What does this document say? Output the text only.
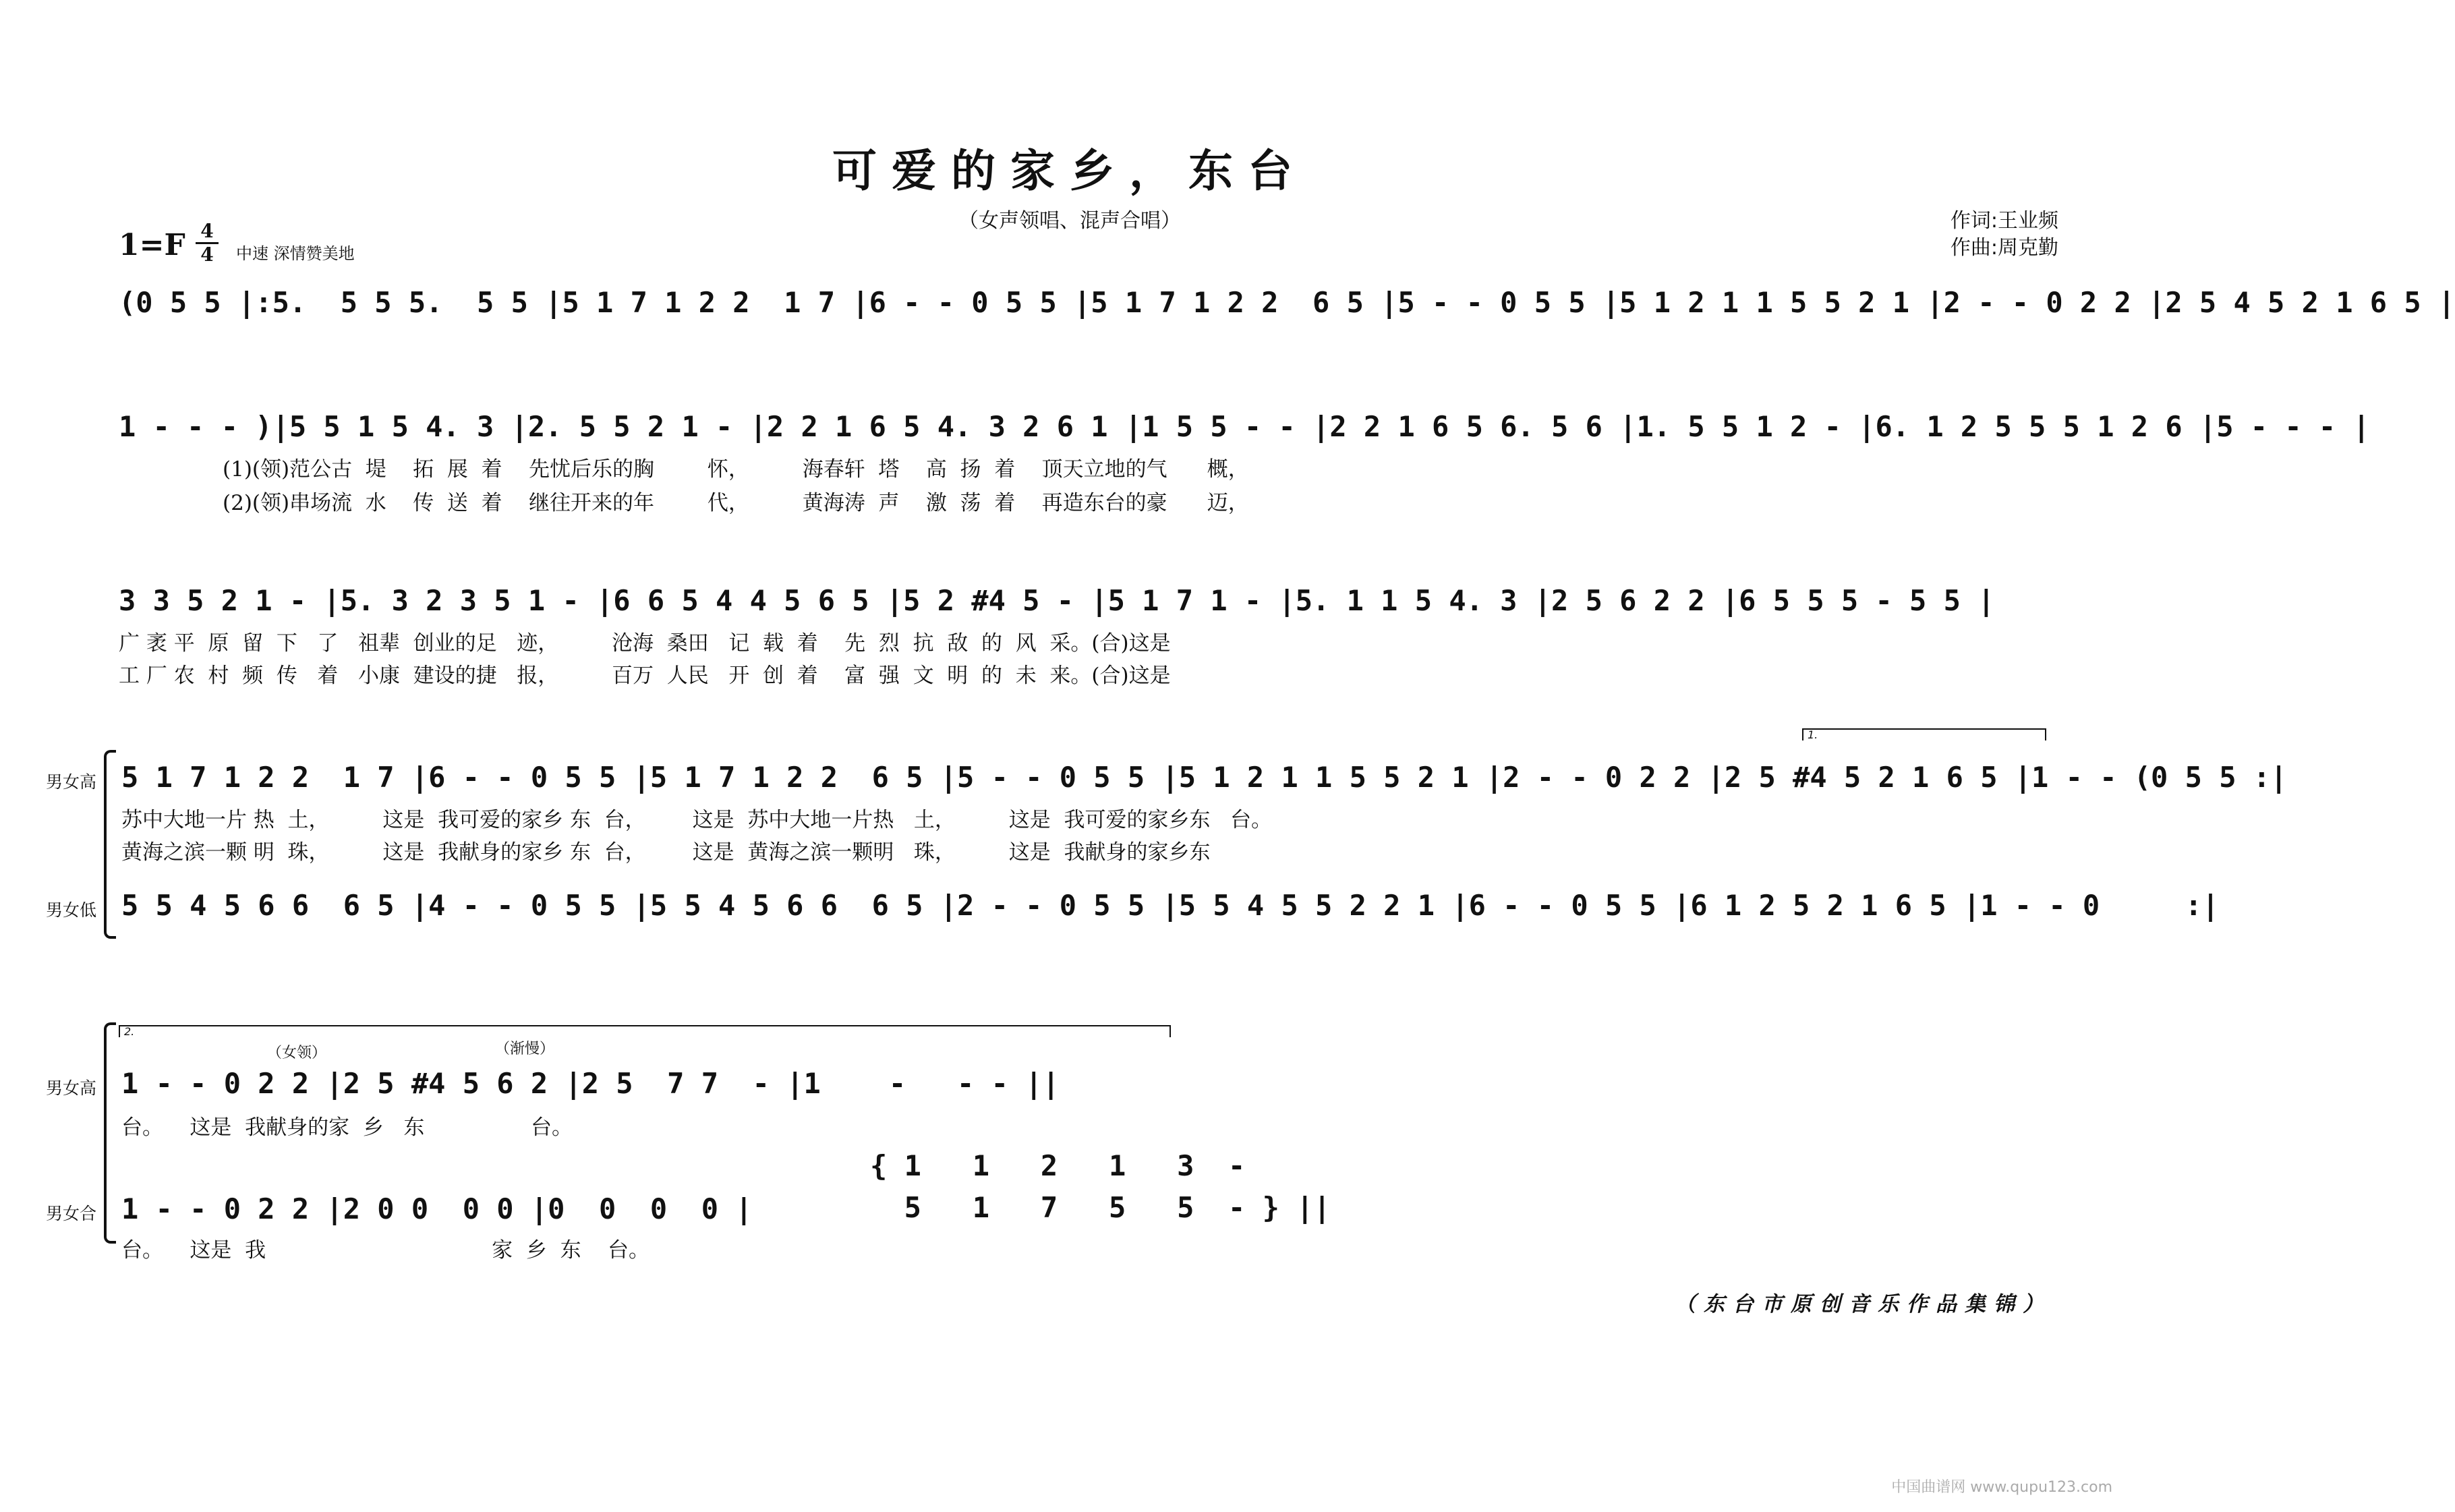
可爱的家乡，东台
（女声领唱、混声合唱）	作词:王业频
作曲:周克勤
1=F 4
4	中速 深情赞美地
(0 5 5 |:5.  5 5 5.  5 5 |5 1 7 1 2 2  1 7 |6 - - 0 5 5 |5 1 7 1 2 2  6 5 |5 - - 0 5 5 |5 1 2 1 1 5 5 2 1 |2 - - 0 2 2 |2 5 4 5 2 1 6 5 |
1 - - - )|5 5 1 5 4. 3 |2. 5 5 2 1 - |2 2 1 6 5 4. 3 2 6 1 |1 5 5 - - |2 2 1 6 5 6. 5 6 |1. 5 5 1 2 - |6. 1 2 5 5 5 1 2 6 |5 - - - |
(1)(领)范公古  堤    拓  展  着    先忧后乐的胸        怀，        海春轩  塔    高  扬  着    顶天立地的气      概，
(2)(领)串场流  水    传  送  着    继往开来的年        代，        黄海涛  声    激  荡  着    再造东台的豪      迈，
3 3 5 2 1 - |5. 3 2 3 5 1 - |6 6 5 4 4 5 6 5 |5 2 #4 5 - |5 1 7 1 - |5. 1 1 5 4. 3 |2 5 6 2 2 |6 5 5 5 - 5 5 |
广 袤 平  原  留  下   了   祖辈  创业的足   迹，        沧海  桑田   记  载  着    先  烈  抗  敌  的  风  采。(合)这是
工 厂 农  村  频  传   着   小康  建设的捷   报，        百万  人民   开  创  着    富  强  文  明  的  未  来。(合)这是
男女高
1.
5 1 7 1 2 2  1 7 |6 - - 0 5 5 |5 1 7 1 2 2  6 5 |5 - - 0 5 5 |5 1 2 1 1 5 5 2 1 |2 - - 0 2 2 |2 5 #4 5 2 1 6 5 |1 - - (0 5 5 :|
苏中大地一片 热  土，        这是  我可爱的家乡 东  台，       这是  苏中大地一片热   土，        这是  我可爱的家乡东   台。
黄海之滨一颗 明  珠，        这是  我献身的家乡 东  台，       这是  黄海之滨一颗明   珠，        这是  我献身的家乡东
男女低 5 5 4 5 6 6  6 5 |4 - - 0 5 5 |5 5 4 5 6 6  6 5 |2 - - 0 5 5 |5 5 4 5 5 2 2 1 |6 - - 0 5 5 |6 1 2 5 2 1 6 5 |1 - - 0     :|
2.
（女领）	（渐慢）
男女高 1 - - 0 2 2 |2 5 #4 5 6 2 |2 5  7 7  - |1    -   - - ||
台。    这是  我献身的家  乡   东                台。
男女合 1 - - 0 2 2 |2 0 0  0 0 |0  0  0  0 |
{ 1   1   2   1   3  -
5   1   7   5   5  - } ||
台。    这是  我                                  家  乡  东    台。
（东台市原创音乐作品集锦）
中国曲谱网 www.qupu123.com
